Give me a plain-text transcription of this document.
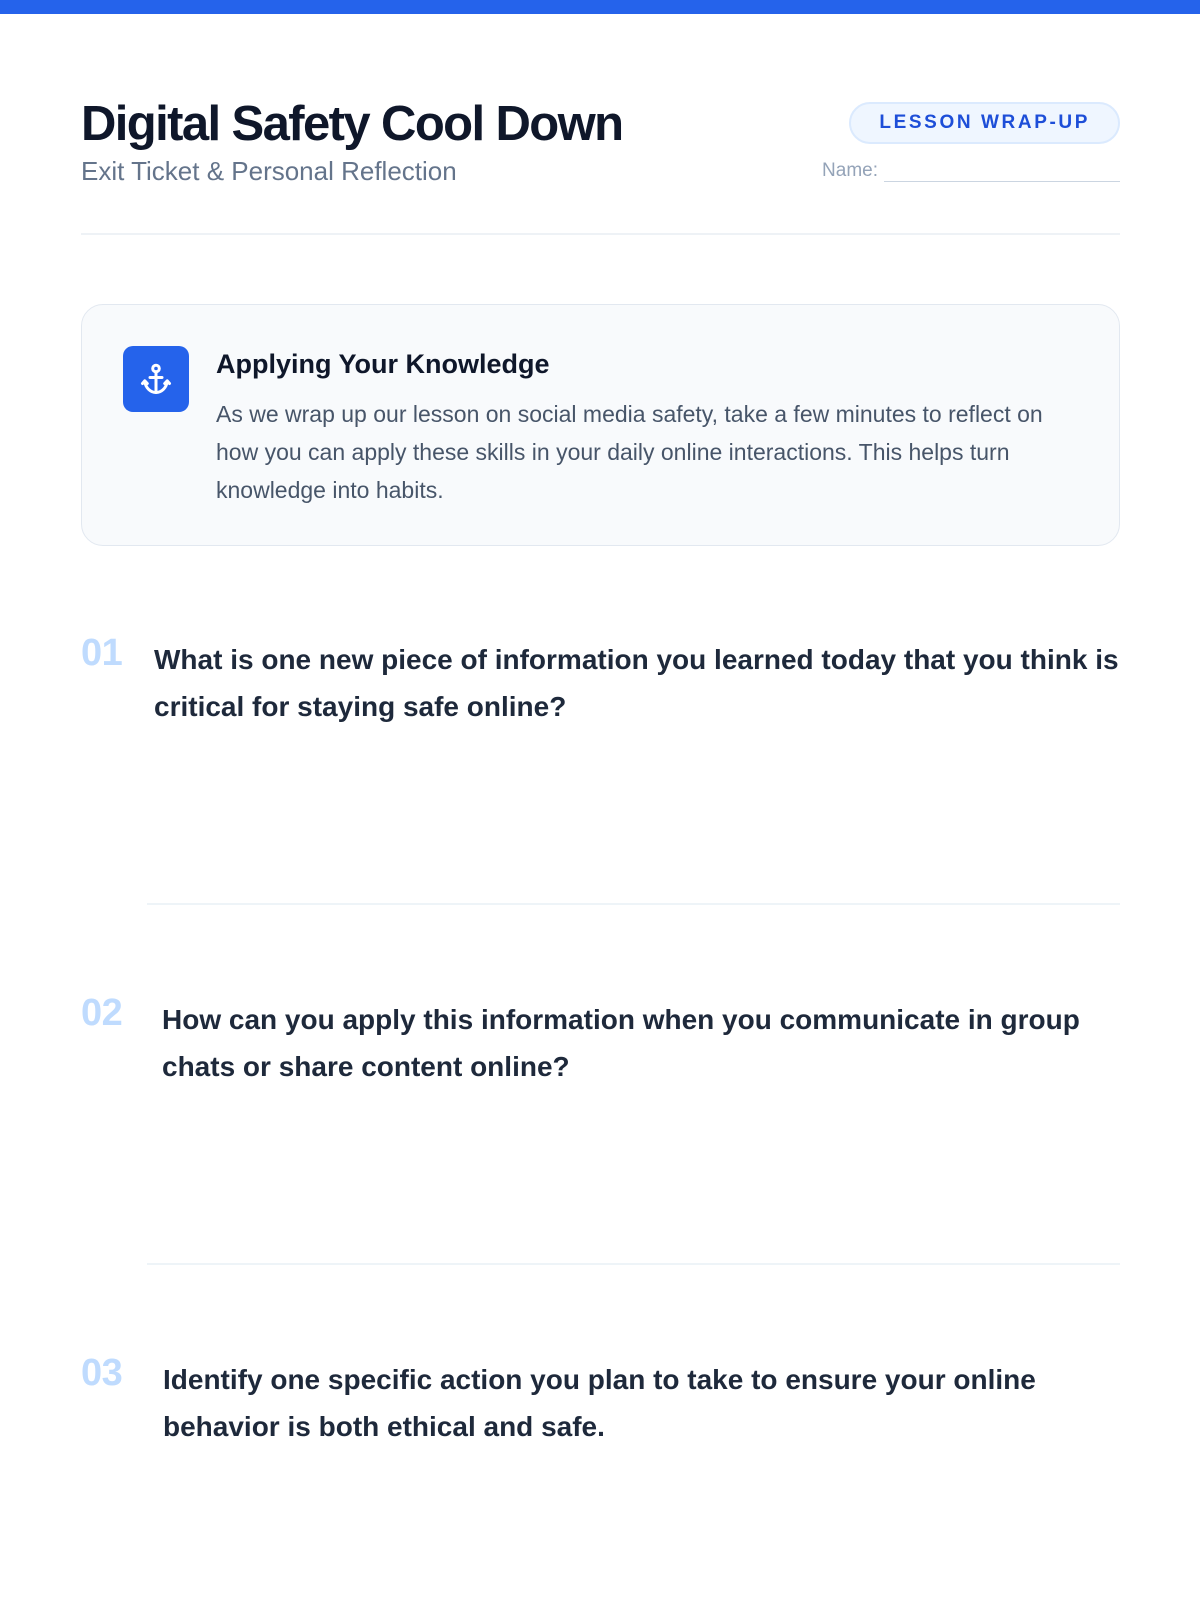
Digital Safety Cool Down
Exit Ticket & Personal Reflection
LESSON WRAP-UP
Name:
Applying Your Knowledge

As we wrap up our lesson on social media safety, take a few minutes to reflect on how you can apply these skills in your daily online interactions. This helps turn knowledge into habits.

01 What is one new piece of information you learned today that you think is critical for staying safe online?
02 How can you apply this information when you communicate in group chats or share content online?
03 Identify one specific action you plan to take to ensure your online behavior is both ethical and safe.
